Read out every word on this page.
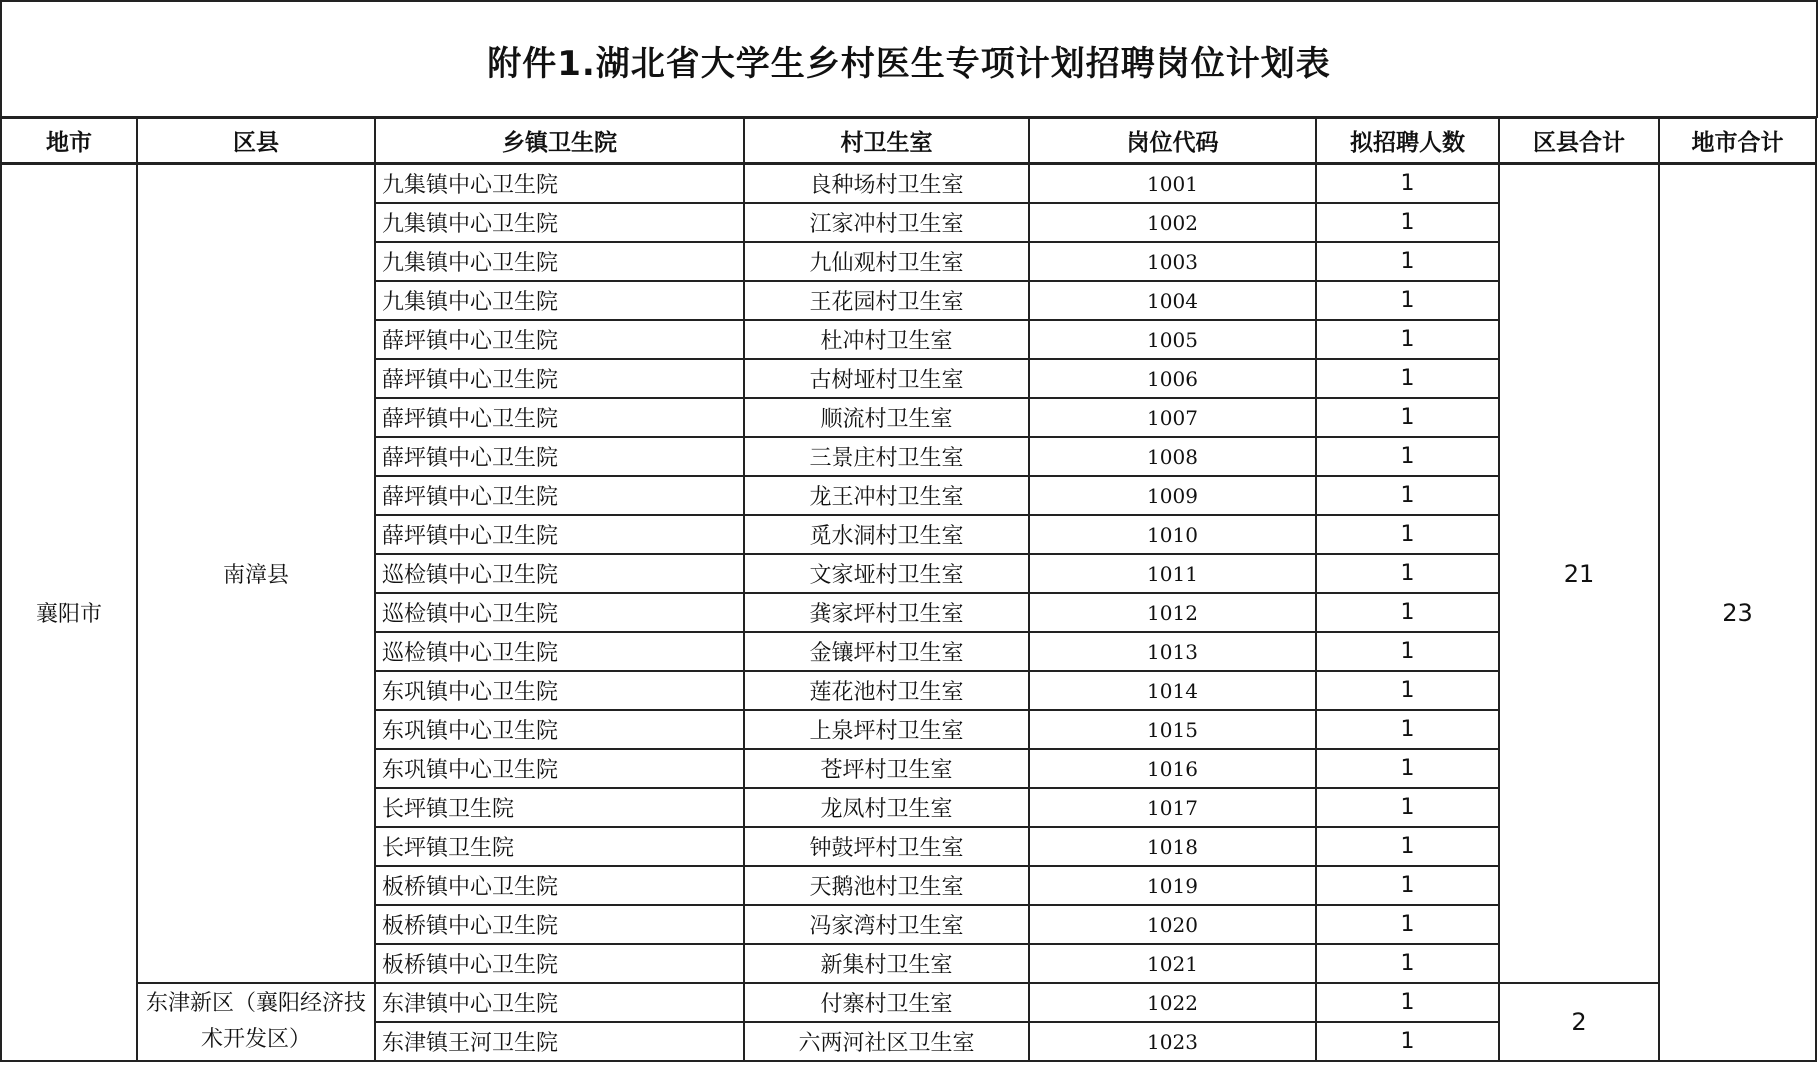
附件1.湖北省大学生乡村医生专项计划招聘岗位计划表
地市	区县	乡镇卫生院	村卫生室	岗位代码	拟招聘人数	区县合计	地市合计
襄阳市	南漳县	九集镇中心卫生院	良种场村卫生室	1001	1	21	23
		九集镇中心卫生院	江家冲村卫生室	1002	1		
		九集镇中心卫生院	九仙观村卫生室	1003	1		
		九集镇中心卫生院	王花园村卫生室	1004	1		
		薛坪镇中心卫生院	杜冲村卫生室	1005	1		
		薛坪镇中心卫生院	古树垭村卫生室	1006	1		
		薛坪镇中心卫生院	顺流村卫生室	1007	1		
		薛坪镇中心卫生院	三景庄村卫生室	1008	1		
		薛坪镇中心卫生院	龙王冲村卫生室	1009	1		
		薛坪镇中心卫生院	觅水洞村卫生室	1010	1		
		巡检镇中心卫生院	文家垭村卫生室	1011	1		
		巡检镇中心卫生院	龚家坪村卫生室	1012	1		
		巡检镇中心卫生院	金镶坪村卫生室	1013	1		
		东巩镇中心卫生院	莲花池村卫生室	1014	1		
		东巩镇中心卫生院	上泉坪村卫生室	1015	1		
		东巩镇中心卫生院	苍坪村卫生室	1016	1		
		长坪镇卫生院	龙凤村卫生室	1017	1		
		长坪镇卫生院	钟鼓坪村卫生室	1018	1		
		板桥镇中心卫生院	天鹅池村卫生室	1019	1		
		板桥镇中心卫生院	冯家湾村卫生室	1020	1		
		板桥镇中心卫生院	新集村卫生室	1021	1		
	东津新区（襄阳经济技术开发区）	东津镇中心卫生院	付寨村卫生室	1022	1	2	
		东津镇王河卫生院	六两河社区卫生室	1023	1		
